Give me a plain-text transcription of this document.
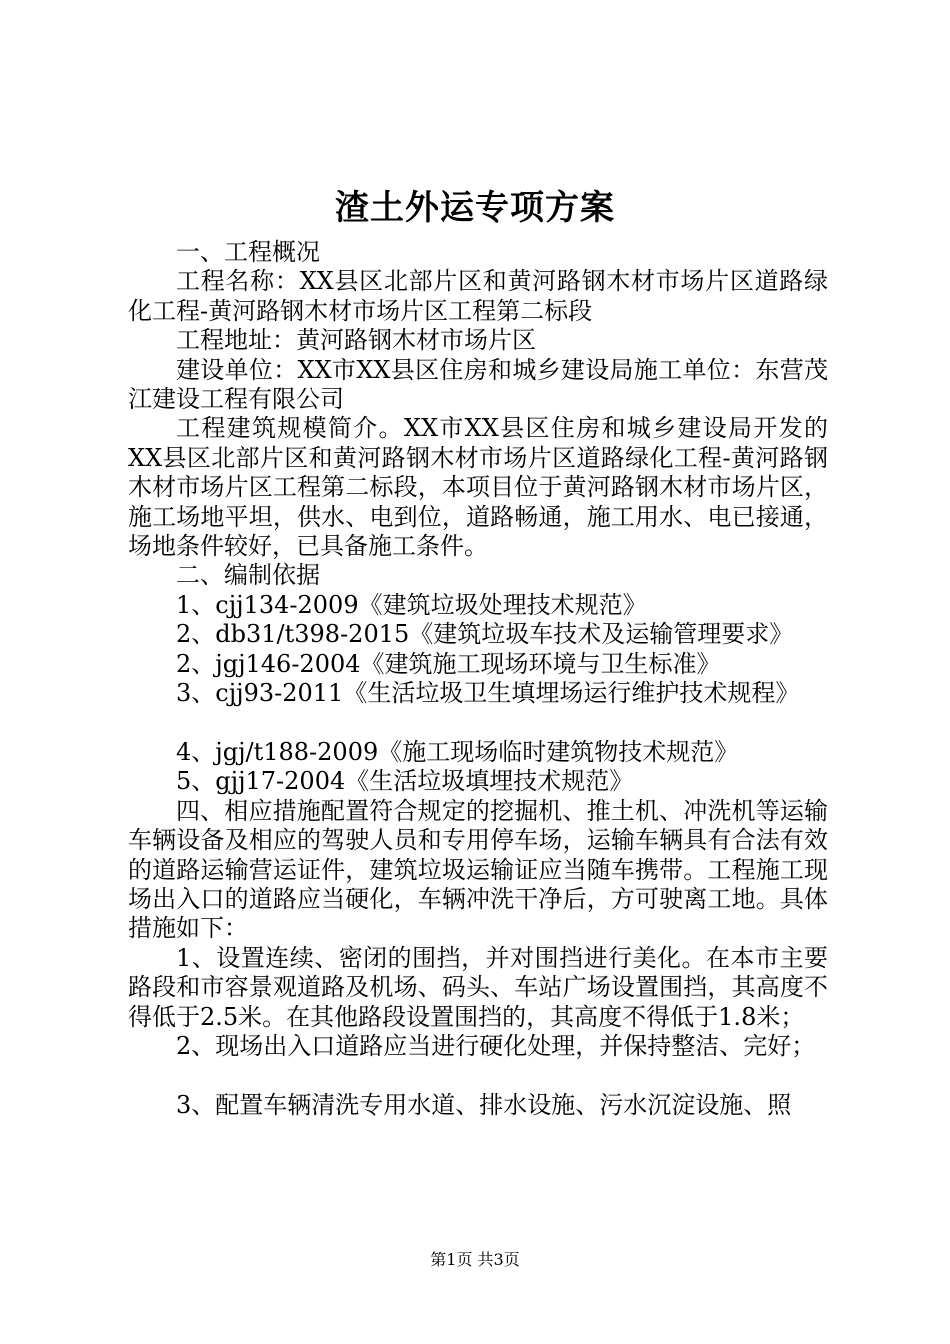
渣土外运专项方案

一、工程概况

工程名称：XX县区北部片区和黄河路钢木材市场片区道路绿化工程-黄河路钢木材市场片区工程第二标段

工程地址：黄河路钢木材市场片区

建设单位：XX市XX县区住房和城乡建设局施工单位：东营茂江建设工程有限公司

工程建筑规模简介。XX市XX县区住房和城乡建设局开发的XX县区北部片区和黄河路钢木材市场片区道路绿化工程-黄河路钢木材市场片区工程第二标段，本项目位于黄河路钢木材市场片区，施工场地平坦，供水、电到位，道路畅通，施工用水、电已接通，场地条件较好，已具备施工条件。

二、编制依据

1、cjj134-2009《建筑垃圾处理技术规范》

2、db31/t398-2015《建筑垃圾车技术及运输管理要求》

2、jgj146-2004《建筑施工现场环境与卫生标准》

3、cjj93-2011《生活垃圾卫生填埋场运行维护技术规程》

4、jgj/t188-2009《施工现场临时建筑物技术规范》

5、gjj17-2004《生活垃圾填埋技术规范》

四、相应措施配置符合规定的挖掘机、推土机、冲洗机等运输车辆设备及相应的驾驶人员和专用停车场，运输车辆具有合法有效的道路运输营运证件，建筑垃圾运输证应当随车携带。工程施工现场出入口的道路应当硬化，车辆冲洗干净后，方可驶离工地。具体措施如下：

1、设置连续、密闭的围挡，并对围挡进行美化。在本市主要路段和市容景观道路及机场、码头、车站广场设置围挡，其高度不得低于2.5米。在其他路段设置围挡的，其高度不得低于1.8米；

2、现场出入口道路应当进行硬化处理，并保持整洁、完好；

3、配置车辆清洗专用水道、排水设施、污水沉淀设施、照

第1页 共3页
